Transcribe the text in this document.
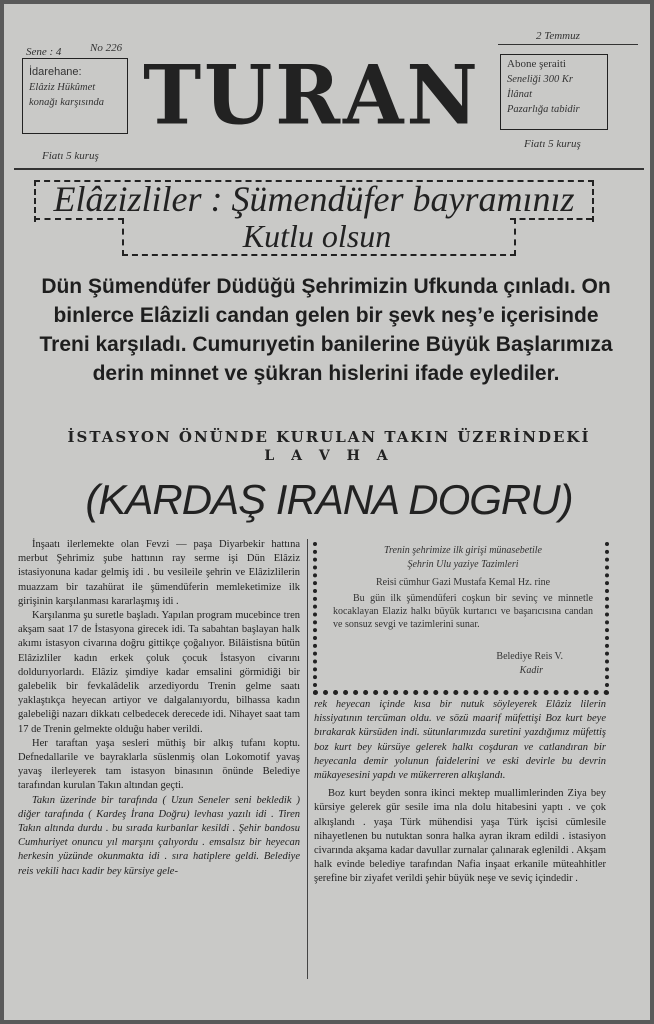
Sene : 4	No 226
2 Temmuz
İdarehane:
Elâziz Hükûmet
konağı karşısında TURAN Abone şeraiti
Seneliği 300 Kr
İlânat
Pazarlığa tabidir
Fiatı 5 kuruş
Fiatı 5 kuruş
Elâzizliler : Şümendüfer bayramınız
Kutlu olsun
Dün Şümendüfer Düdüğü Şehrimizin Ufkunda çınladı. On binlerce Elâzizli candan gelen bir şevk neş’e içerisinde Treni karşıladı. Cumurıyetin banilerine Büyük Başlarımıza derin minnet ve şükran hislerini ifade eylediler.
İSTASYON ÖNÜNDE KURULAN TAKIN ÜZERİNDEKİ
L A V H A
(KARDAŞ IRANA DOGRU)

İnşaatı ilerlemekte olan Fevzi — paşa Diyarbekir hattına merbut Şehrimiz şube hattının ray serme işi Dün Elâziz istasiyonuna kadar gelmiş idi . bu vesileile şehrin ve Elâzizlilerin muazzam bir tazahürat ile şümendüferin memleketimize ilk girişinin karşılanması kararlaşmış idi .

Karşılanma şu suretle başladı. Yapılan program mucebince tren akşam saat 17 de İstasyona girecek idi. Ta sabahtan başlayan halk akımı istasyon civarına doğru gittikçe çoğalıyor. Bilâistisna bütün Elâzizliler kadın erkek çoluk çocuk İstasyon civarını doldurıyorlardı. Elâziz şimdiye kadar emsalini görmidiği bir galebelik bir fevkalâdelik arzediyordu Trenin gelme saatı yaklaştıkça heyecan artiyor ve dalgalanıyordu, bilhassa kadın galebeliği nazarı dikkatı celbedecek derecede idi. Nihayet saat tam 17 de Trenin gelmekte olduğu haber verildi.

Her taraftan yaşa sesleri müthiş bir alkış tufanı koptu. Defnedallarile ve bayraklarla süslenmiş olan Lokomotif yavaş yavaş ilerleyerek tam istasyon binasının önünde Belediye tarafından kurulan Takın altından geçti.

Takın üzerinde bir tarafında ( Uzun Seneler seni bekledik ) diğer tarafında ( Kardeş İrana Doğru) levhası yazılı idi . Tiren Takın altında durdu . bu sırada kurbanlar kesildi . Şehir bandosu Cumhuriyet onuncu yıl marşını çalıyordu . emsalsız bir heyecan herkesin yüzünde okunmakta idi . sıra hatiplere geldi. Belediye reis vekili hacı kadir bey kürsiye gele-

Trenin şehrimize ilk girişi münasebetile
Şehrin Ulu yaziye Tazimleri
Reisi cümhur Gazi Mustafa Kemal Hz. rine
Bu gün ilk şümendüferi coşkun bir sevinç ve minnetle kocaklayan Elaziz halkı büyük kurtarıcı ve başarıcısına candan ve sonsuz sevgi ve tazimlerini sunar.
Belediye Reis V.
Kadir

rek heyecan içinde kısa bir nutuk söyleyerek Elâziz lilerin hissiyatının tercüman oldu. ve sözü maarif müfettişi Boz kurt beye bırakarak kürsüden indi. sütunlarımızda suretini yazdığımız müfettiş boz kurt bey kürsüye gelerek halkı coşduran ve catlandıran bir heyecanla demir yolunun faidelerini ve eski devirle bu devrin mükayesesini yapdı ve mükerreren alkışlandı.

Boz kurt beyden sonra ikinci mektep muallimlerinden Ziya bey kürsiye gelerek gür sesile ima nla dolu hitabesini yaptı . ve çok alkışlandı . yaşa Türk mühendisi yaşa Türk işcisi cümlesile nihayetlenen bu nutuktan sonra halka ayran ikram edildi . istasiyon civarında akşama kadar davullar zurnalar çalınarak eglenildi . Akşam halk evinde belediye tarafından Nafia inşaat erkanile müteahhitler şerefine bir ziyafet verildi şehir büyük neşe ve seviç içindedir .
